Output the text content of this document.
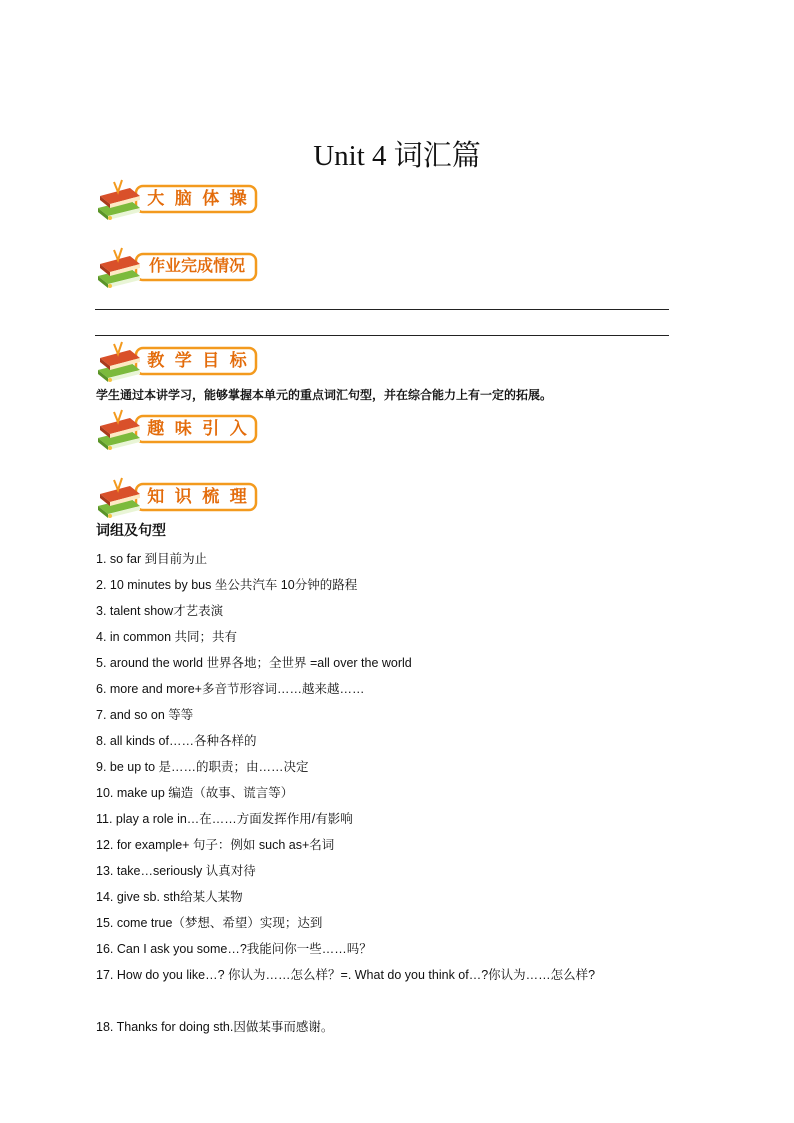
Unit 4 词汇篇
大 脑 体 操
作业完成情况
教 学 目 标
学生通过本讲学习，能够掌握本单元的重点词汇句型，并在综合能力上有一定的拓展。
趣 味 引 入
知 识 梳 理
词组及句型
1. so far 到目前为止
2. 10 minutes by bus 坐公共汽车 10分钟的路程
3. talent show才艺表演
4. in common 共同；共有
5. around the world 世界各地；全世界 =all over the world
6. more and more+多音节形容词……越来越……
7. and so on 等等
8. all kinds of……各种各样的
9. be up to 是……的职责；由……决定
10. make up 编造（故事、谎言等）
11. play a role in…在……方面发挥作用/有影响
12. for example+ 句子：例如 such as+名词
13. take…seriously 认真对待
14. give sb. sth给某人某物
15. come true（梦想、希望）实现；达到
16. Can I ask you some…?我能问你一些……吗？
17. How do you like…? 你认为……怎么样？=. What do you think of…?你认为……怎么样?
18. Thanks for doing sth.因做某事而感谢。
